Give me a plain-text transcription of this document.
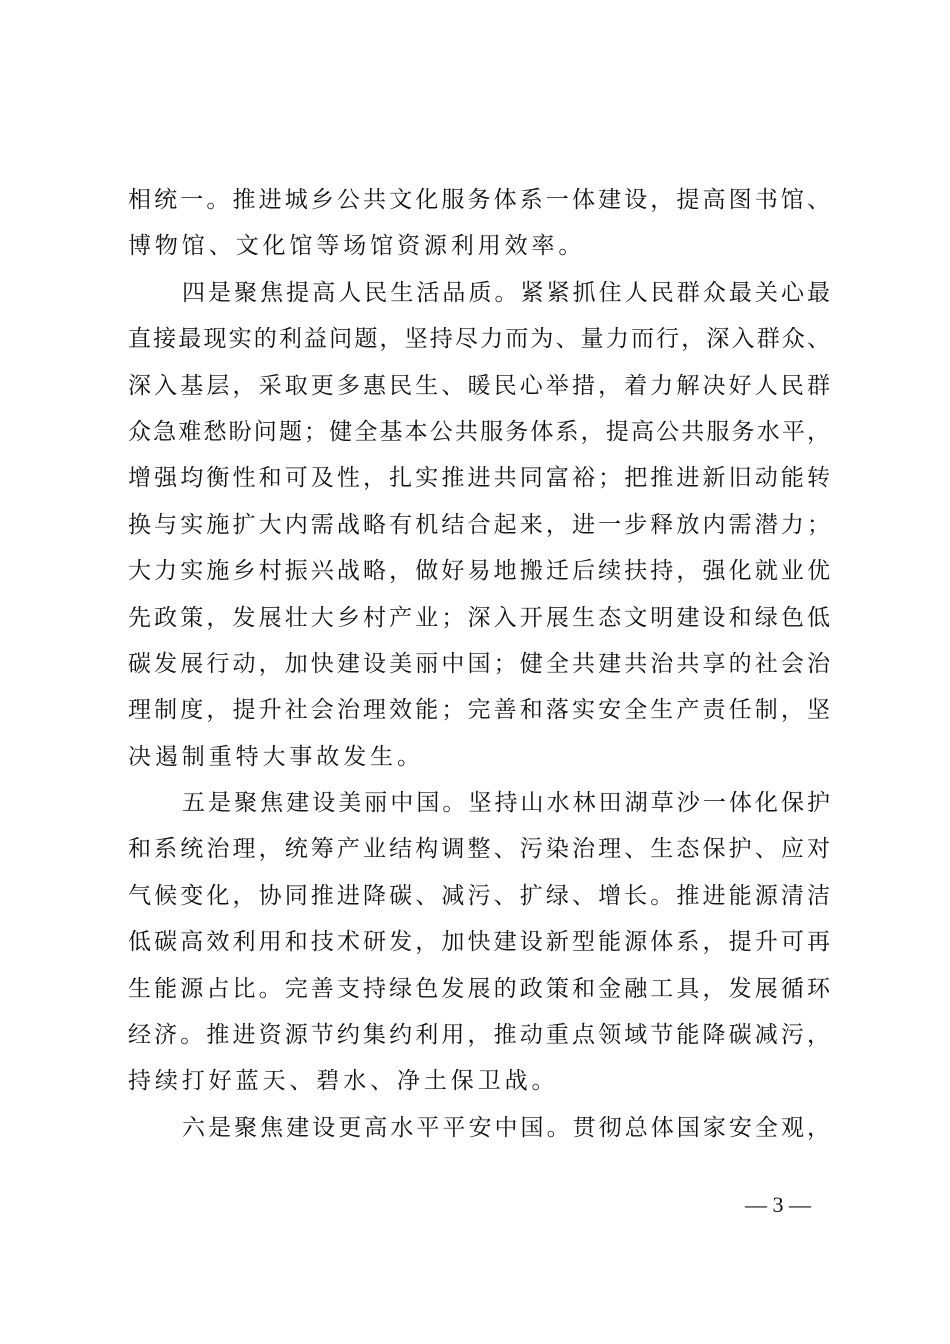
相统一。推进城乡公共文化服务体系一体建设，提高图书馆、
博物馆、文化馆等场馆资源利用效率。
四是聚焦提高人民生活品质。紧紧抓住人民群众最关心最
直接最现实的利益问题，坚持尽力而为、量力而行，深入群众、
深入基层，采取更多惠民生、暖民心举措，着力解决好人民群
众急难愁盼问题；健全基本公共服务体系，提高公共服务水平，
增强均衡性和可及性，扎实推进共同富裕；把推进新旧动能转
换与实施扩大内需战略有机结合起来，进一步释放内需潜力；
大力实施乡村振兴战略，做好易地搬迁后续扶持，强化就业优
先政策，发展壮大乡村产业；深入开展生态文明建设和绿色低
碳发展行动，加快建设美丽中国；健全共建共治共享的社会治
理制度，提升社会治理效能；完善和落实安全生产责任制，坚
决遏制重特大事故发生。
五是聚焦建设美丽中国。坚持山水林田湖草沙一体化保护
和系统治理，统筹产业结构调整、污染治理、生态保护、应对
气候变化，协同推进降碳、减污、扩绿、增长。推进能源清洁
低碳高效利用和技术研发，加快建设新型能源体系，提升可再
生能源占比。完善支持绿色发展的政策和金融工具，发展循环
经济。推进资源节约集约利用，推动重点领域节能降碳减污，
持续打好蓝天、碧水、净土保卫战。
六是聚焦建设更高水平平安中国。贯彻总体国家安全观，
— 3 —
